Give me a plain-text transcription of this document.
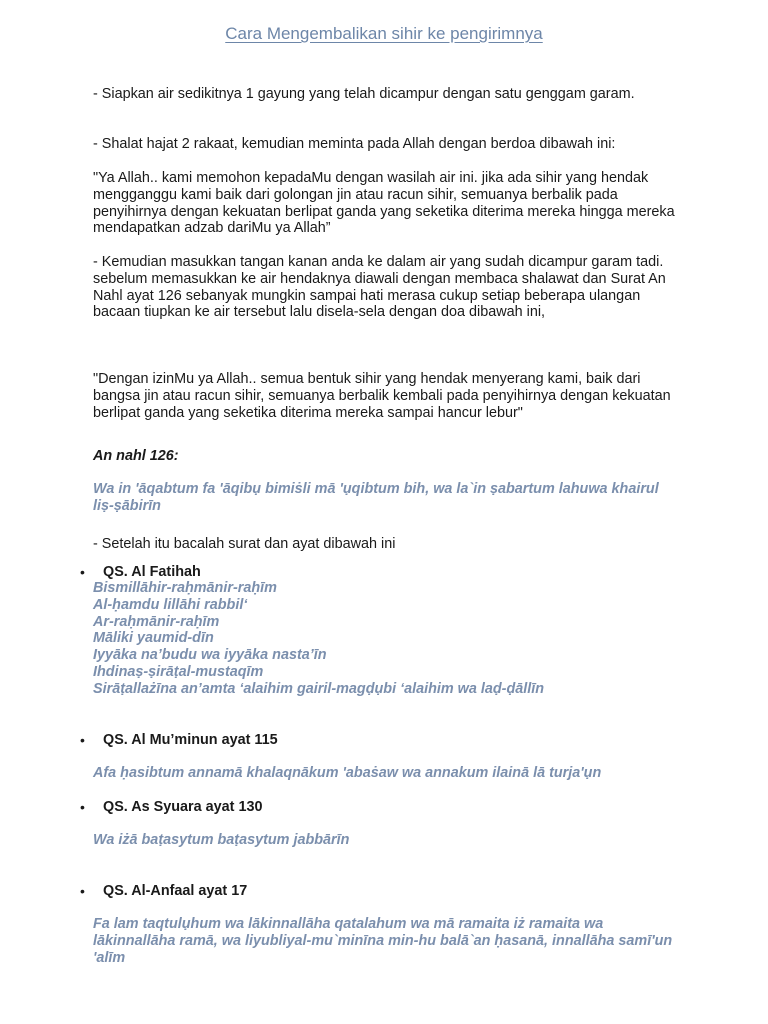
Cara Mengembalikan sihir ke pengirimnya

- Siapkan air sedikitnya 1 gayung yang telah dicampur dengan satu genggam garam.

- Shalat hajat 2 rakaat, kemudian meminta pada Allah dengan berdoa dibawah ini:

"Ya Allah.. kami memohon kepadaMu dengan wasilah air ini. jika ada sihir yang hendak mengganggu kami baik dari golongan jin atau racun sihir, semuanya berbalik pada penyihirnya dengan kekuatan berlipat ganda yang seketika diterima mereka hingga mereka mendapatkan adzab dariMu ya Allah”

- Kemudian masukkan tangan kanan anda ke dalam air yang sudah dicampur garam tadi. sebelum memasukkan ke air hendaknya diawali dengan membaca shalawat dan Surat An Nahl ayat 126 sebanyak mungkin sampai hati merasa cukup setiap beberapa ulangan bacaan tiupkan ke air tersebut lalu disela-sela dengan doa dibawah ini,

"Dengan izinMu ya Allah.. semua bentuk sihir yang hendak menyerang kami, baik dari bangsa jin atau racun sihir, semuanya berbalik kembali pada penyihirnya dengan kekuatan berlipat ganda yang seketika diterima mereka sampai hancur lebur"

An nahl 126:

Wa in 'āqabtum fa 'āqibụ bimiṡli mā 'ụqibtum bih, wa la`in ṣabartum lahuwa khairul liṣ-ṣābirīn

- Setelah itu bacalah surat dan ayat dibawah ini

• QS. Al Fatihah

Bismillāhir-raḥmānir-raḥīm
Al-ḥamdu lillāhi rabbil‘
Ar-raḥmānir-raḥīm
Māliki yaumid-dīn
Iyyāka na’budu wa iyyāka nasta’īn
Ihdinaṣ-ṣirāṭal-mustaqīm
Sirāṭallażīna an’amta ‘alaihim gairil-magḍụbi ‘alaihim wa laḍ-ḍāllīn
• QS. Al Mu’minun ayat 115

Afa ḥasibtum annamā khalaqnākum 'abaṡaw wa annakum ilainā lā turja'ụn

• QS. As Syuara ayat 130

Wa iżā baṭasytum baṭasytum jabbārīn

• QS. Al-Anfaal ayat 17

Fa lam taqtulụhum wa lākinnallāha qatalahum wa mā ramaita iż ramaita wa lākinnallāha ramā, wa liyubliyal-mu`minīna min-hu balā`an ḥasanā, innallāha samī'un 'alīm
